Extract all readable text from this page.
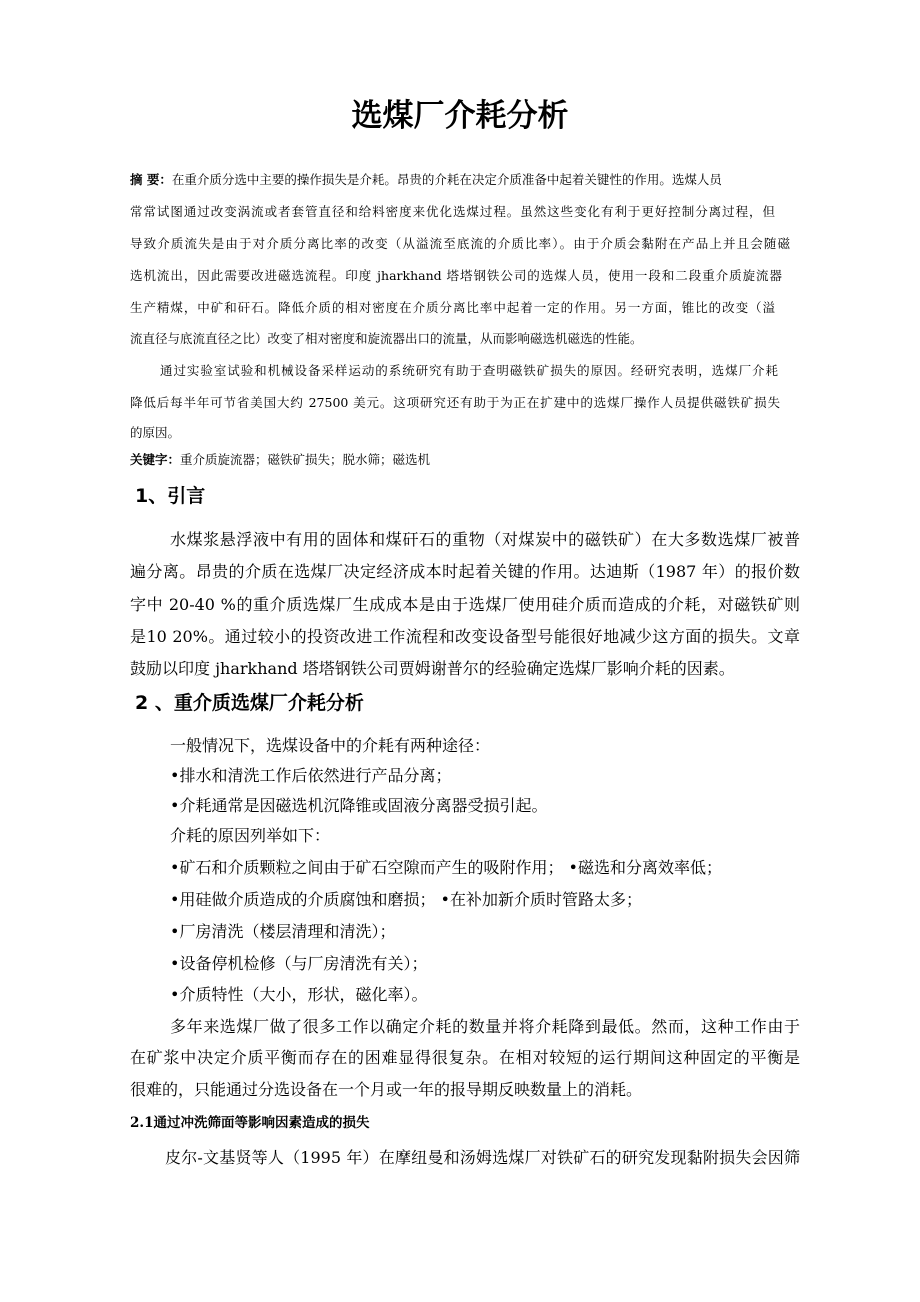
选煤厂介耗分析
摘 要：在重介质分选中主要的操作损失是介耗。昂贵的介耗在决定介质准备中起着关键性的作用。选煤人员
常常试图通过改变涡流或者套管直径和给料密度来优化选煤过程。虽然这些变化有利于更好控制分离过程，但
导致介质流失是由于对介质分离比率的改变（从溢流至底流的介质比率）。由于介质会黏附在产品上并且会随磁
选机流出，因此需要改进磁选流程。印度 jharkhand 塔塔钢铁公司的选煤人员，使用一段和二段重介质旋流器
生产精煤，中矿和矸石。降低介质的相对密度在介质分离比率中起着一定的作用。另一方面，锥比的改变（溢
流直径与底流直径之比）改变了相对密度和旋流器出口的流量，从而影响磁选机磁选的性能。
通过实验室试验和机械设备采样运动的系统研究有助于查明磁铁矿损失的原因。经研究表明，选煤厂介耗
降低后每半年可节省美国大约 27500 美元。这项研究还有助于为正在扩建中的选煤厂操作人员提供磁铁矿损失
的原因。
关键字：重介质旋流器；磁铁矿损失；脱水筛；磁选机
1、引言
水煤浆悬浮液中有用的固体和煤矸石的重物（对煤炭中的磁铁矿）在大多数选煤厂被普
遍分离。昂贵的介质在选煤厂决定经济成本时起着关键的作用。达迪斯（1987 年）的报价数
字中 20-40 %的重介质选煤厂生成成本是由于选煤厂使用硅介质而造成的介耗，对磁铁矿则
是10 20%。通过较小的投资改进工作流程和改变设备型号能很好地减少这方面的损失。文章
鼓励以印度 jharkhand 塔塔钢铁公司贾姆谢普尔的经验确定选煤厂影响介耗的因素。
2 、重介质选煤厂介耗分析
一般情况下，选煤设备中的介耗有两种途径：
•排水和清洗工作后依然进行产品分离；
•介耗通常是因磁选机沉降锥或固液分离器受损引起。
介耗的原因列举如下：
•矿石和介质颗粒之间由于矿石空隙而产生的吸附作用； •磁选和分离效率低；
•用硅做介质造成的介质腐蚀和磨损； •在补加新介质时管路太多；
•厂房清洗（楼层清理和清洗）；
•设备停机检修（与厂房清洗有关）；
•介质特性（大小，形状，磁化率）。
多年来选煤厂做了很多工作以确定介耗的数量并将介耗降到最低。然而，这种工作由于
在矿浆中决定介质平衡而存在的困难显得很复杂。在相对较短的运行期间这种固定的平衡是
很难的，只能通过分选设备在一个月或一年的报导期反映数量上的消耗。
2.1通过冲洗筛面等影响因素造成的损失
皮尔-文基贤等人（1995 年）在摩纽曼和汤姆选煤厂对铁矿石的研究发现黏附损失会因筛
